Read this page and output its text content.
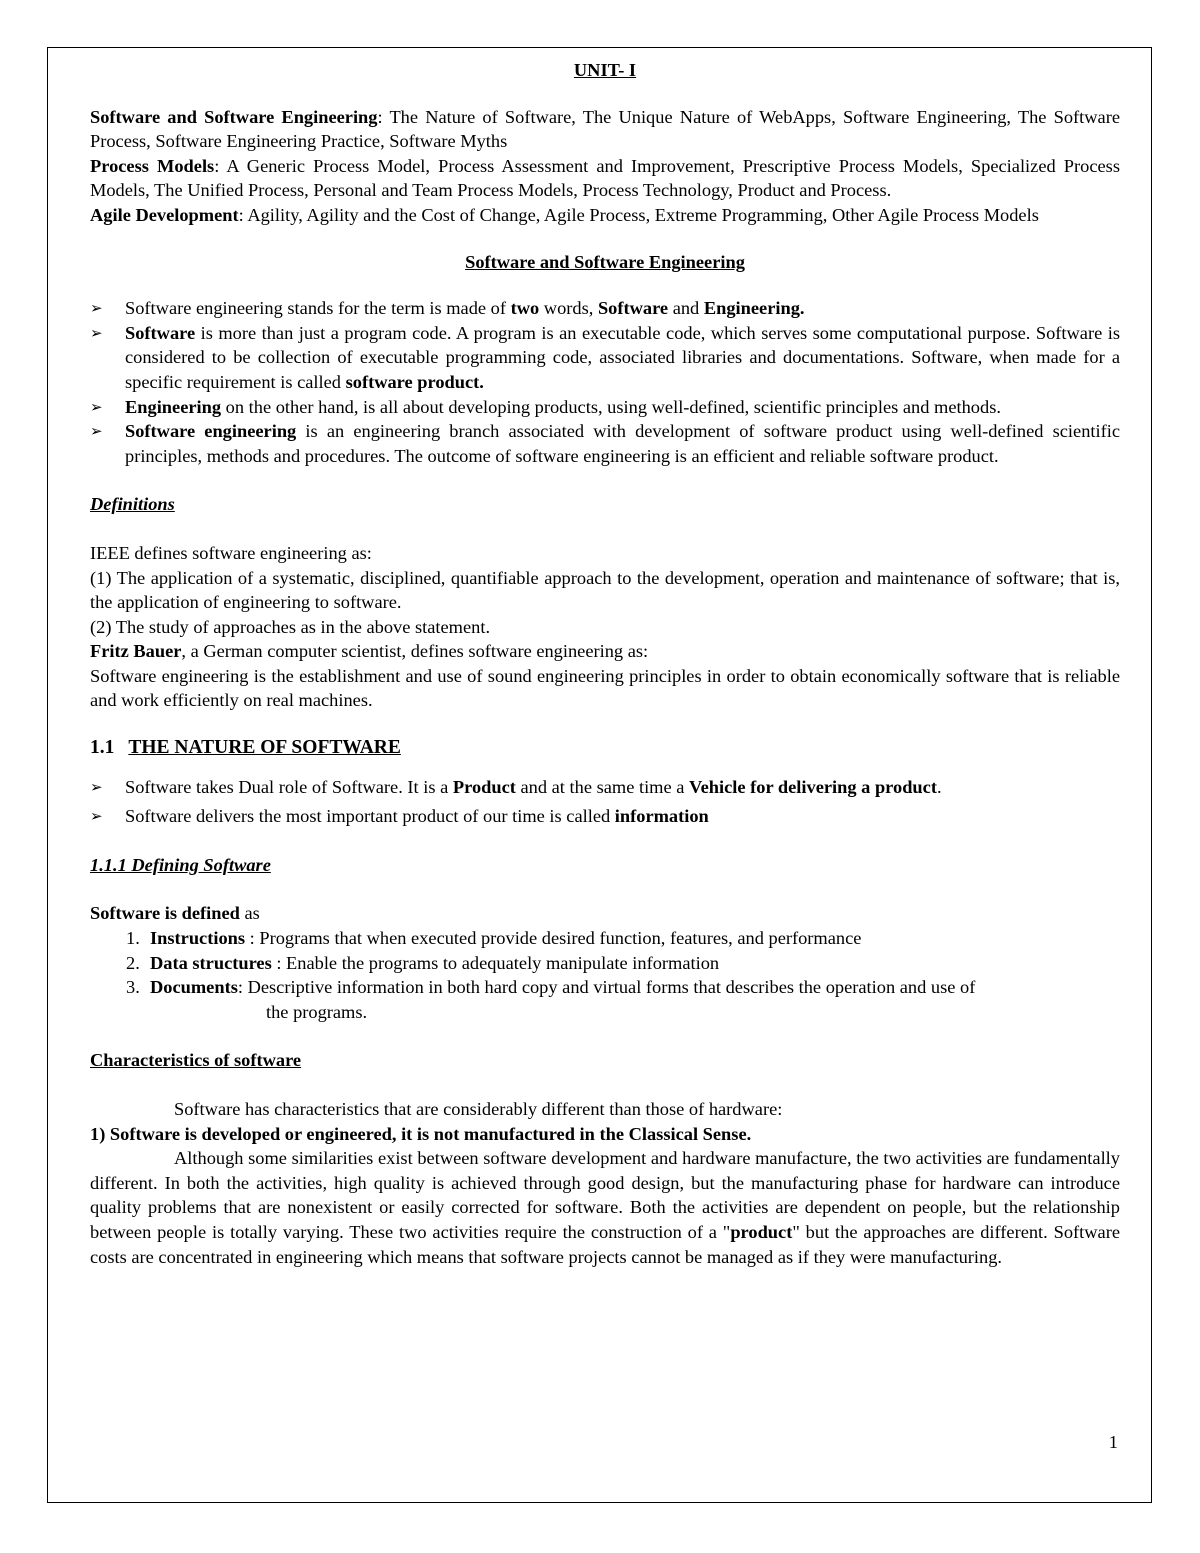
UNIT- I

Software and Software Engineering: The Nature of Software, The Unique Nature of WebApps, Software Engineering, The Software Process, Software Engineering Practice, Software Myths

Process Models: A Generic Process Model, Process Assessment and Improvement, Prescriptive Process Models, Specialized Process Models, The Unified Process, Personal and Team Process Models, Process Technology, Product and Process.

Agile Development: Agility, Agility and the Cost of Change, Agile Process, Extreme Programming, Other Agile Process Models

Software and Software Engineering

➢ Software engineering stands for the term is made of two words, Software and Engineering.
➢ Software is more than just a program code. A program is an executable code, which serves some computational purpose. Software is considered to be collection of executable programming code, associated libraries and documentations. Software, when made for a specific requirement is called software product.
➢ Engineering on the other hand, is all about developing products, using well-defined, scientific principles and methods.
➢ Software engineering is an engineering branch associated with development of software product using well-defined scientific principles, methods and procedures. The outcome of software engineering is an efficient and reliable software product.

Definitions

IEEE defines software engineering as:

(1) The application of a systematic, disciplined, quantifiable approach to the development, operation and maintenance of software; that is, the application of engineering to software.

(2) The study of approaches as in the above statement.

Fritz Bauer, a German computer scientist, defines software engineering as:

Software engineering is the establishment and use of sound engineering principles in order to obtain economically software that is reliable and work efficiently on real machines.

1.1 THE NATURE OF SOFTWARE

➢ Software takes Dual role of Software. It is a Product and at the same time a Vehicle for delivering a product.
➢ Software delivers the most important product of our time is called information

1.1.1 Defining Software

Software is defined as

1. Instructions : Programs that when executed provide desired function, features, and performance
2. Data structures : Enable the programs to adequately manipulate information
3. Documents: Descriptive information in both hard copy and virtual forms that describes the operation and use of
the programs.

Characteristics of software

Software has characteristics that are considerably different than those of hardware:

1) Software is developed or engineered, it is not manufactured in the Classical Sense.

Although some similarities exist between software development and hardware manufacture, the two activities are fundamentally different. In both the activities, high quality is achieved through good design, but the manufacturing phase for hardware can introduce quality problems that are nonexistent or easily corrected for software. Both the activities are dependent on people, but the relationship between people is totally varying. These two activities require the construction of a "product" but the approaches are different. Software costs are concentrated in engineering which means that software projects cannot be managed as if they were manufacturing.

1
